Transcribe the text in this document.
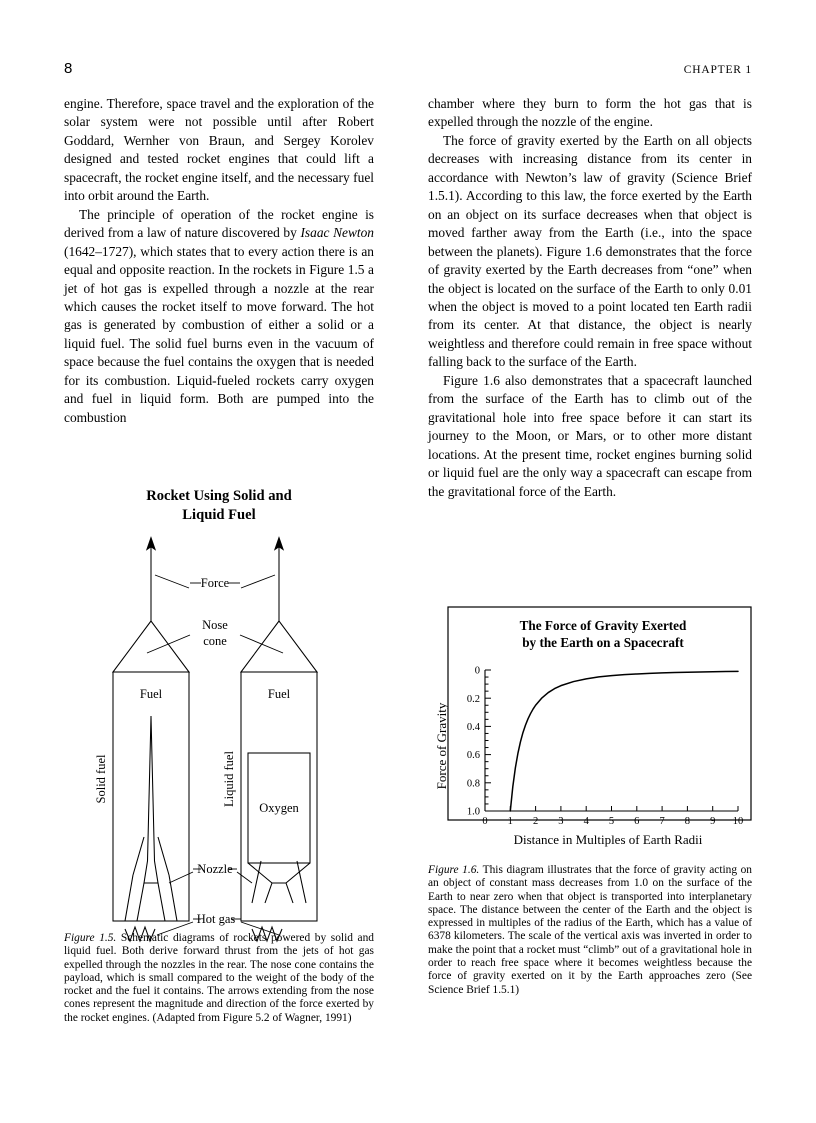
8	CHAPTER 1

engine. Therefore, space travel and the exploration of the solar system were not possible until after Robert Goddard, Wernher von Braun, and Sergey Korolev designed and tested rocket engines that could lift a spacecraft, the rocket engine itself, and the necessary fuel into orbit around the Earth.

The principle of operation of the rocket engine is derived from a law of nature discovered by Isaac Newton (1642–1727), which states that to every action there is an equal and opposite reaction. In the rockets in Figure 1.5 a jet of hot gas is expelled through a nozzle at the rear which causes the rocket itself to move forward. The hot gas is generated by combustion of either a solid or a liquid fuel. The solid fuel burns even in the vacuum of space because the fuel contains the oxygen that is needed for its combustion. Liquid-fueled rockets carry oxygen and fuel in liquid form. Both are pumped into the combustion

chamber where they burn to form the hot gas that is expelled through the nozzle of the engine.

The force of gravity exerted by the Earth on all objects decreases with increasing distance from its center in accordance with Newton’s law of gravity (Science Brief 1.5.1). According to this law, the force exerted by the Earth on an object on its surface decreases when that object is moved farther away from the Earth (i.e., into the space between the planets). Figure 1.6 demonstrates that the force of gravity exerted by the Earth decreases from “one” when the object is located on the surface of the Earth to only 0.01 when the object is moved to a point located ten Earth radii from its center. At that distance, the object is nearly weightless and therefore could remain in free space without falling back to the surface of the Earth.

Figure 1.6 also demonstrates that a spacecraft launched from the surface of the Earth has to climb out of the gravitational hole into free space before it can start its journey to the Moon, or Mars, or to other more distant locations. At the present time, rocket engines burning solid or liquid fuel are the only way a spacecraft can escape from the gravitational force of the Earth.

Rocket Using Solid and
Liquid Fuel
Force
Nose
cone
Fuel	Fuel
Solid fuel	Liquid fuel
Oxygen
Nozzle
Hot gas
The Force of Gravity Exerted
by the Earth on a Spacecraft
0 1 2 3 4 5 6 7 8 9 10
0
0.2
0.4
0.6
0.8
1.0
Force of Gravity
Distance in Multiples of Earth Radii

Figure 1.5. Schematic diagrams of rockets powered by solid and liquid fuel. Both derive forward thrust from the jets of hot gas expelled through the nozzles in the rear. The nose cone contains the payload, which is small compared to the weight of the body of the rocket and the fuel it contains. The arrows extending from the nose cones represent the magnitude and direction of the force exerted by the rocket engines. (Adapted from Figure 5.2 of Wagner, 1991)

Figure 1.6. This diagram illustrates that the force of gravity acting on an object of constant mass decreases from 1.0 on the surface of the Earth to near zero when that object is transported into interplanetary space. The distance between the center of the Earth and the object is expressed in multiples of the radius of the Earth, which has a value of 6378 kilometers. The scale of the vertical axis was inverted in order to make the point that a rocket must “climb” out of a gravitational hole in order to reach free space where it becomes weightless because the force of gravity exerted on it by the Earth approaches zero (See Science Brief 1.5.1)
